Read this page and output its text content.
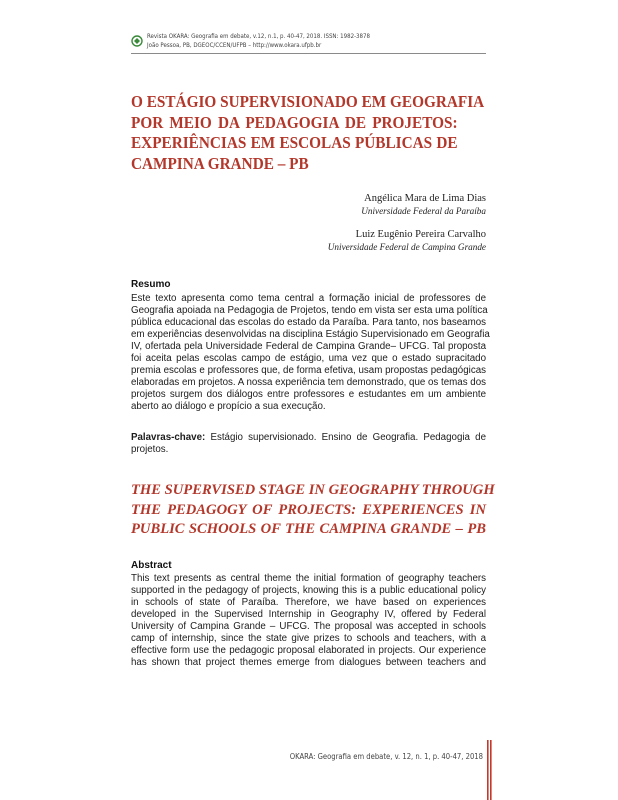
Revista OKARA: Geografia em debate, v.12, n.1, p. 40-47, 2018. ISSN: 1982-3878
João Pessoa, PB, DGEOC/CCEN/UFPB – http://www.okara.ufpb.br
O ESTÁGIO SUPERVISIONADO EM GEOGRAFIA
POR MEIO DA PEDAGOGIA DE PROJETOS:
EXPERIÊNCIAS EM ESCOLAS PÚBLICAS DE
CAMPINA GRANDE – PB
Angélica Mara de Lima Dias
Universidade Federal da Paraíba
Luiz Eugênio Pereira Carvalho
Universidade Federal de Campina Grande
Resumo
Este texto apresenta como tema central a formação inicial de professores de
Geografia apoiada na Pedagogia de Projetos, tendo em vista ser esta uma política
pública educacional das escolas do estado da Paraíba. Para tanto, nos baseamos
em experiências desenvolvidas na disciplina Estágio Supervisionado em Geografia
IV, ofertada pela Universidade Federal de Campina Grande– UFCG. Tal proposta
foi aceita pelas escolas campo de estágio, uma vez que o estado supracitado
premia escolas e professores que, de forma efetiva, usam propostas pedagógicas
elaboradas em projetos. A nossa experiência tem demonstrado, que os temas dos
projetos surgem dos diálogos entre professores e estudantes em um ambiente
aberto ao diálogo e propício a sua execução.
Palavras-chave: Estágio supervisionado. Ensino de Geografia. Pedagogia de
projetos.
THE SUPERVISED STAGE IN GEOGRAPHY THROUGH
THE PEDAGOGY OF PROJECTS: EXPERIENCES IN
PUBLIC SCHOOLS OF THE CAMPINA GRANDE – PB
Abstract
This text presents as central theme the initial formation of geography teachers
supported in the pedagogy of projects, knowing this is a public educational policy
in schools of state of Paraíba. Therefore, we have based on experiences
developed in the Supervised Internship in Geography IV, offered by Federal
University of Campina Grande – UFCG. The proposal was accepted in schools
camp of internship, since the state give prizes to schools and teachers, with a
effective form use the pedagogic proposal elaborated in projects. Our experience
has shown that project themes emerge from dialogues between teachers and
OKARA: Geografia em debate, v. 12, n. 1, p. 40-47, 2018
